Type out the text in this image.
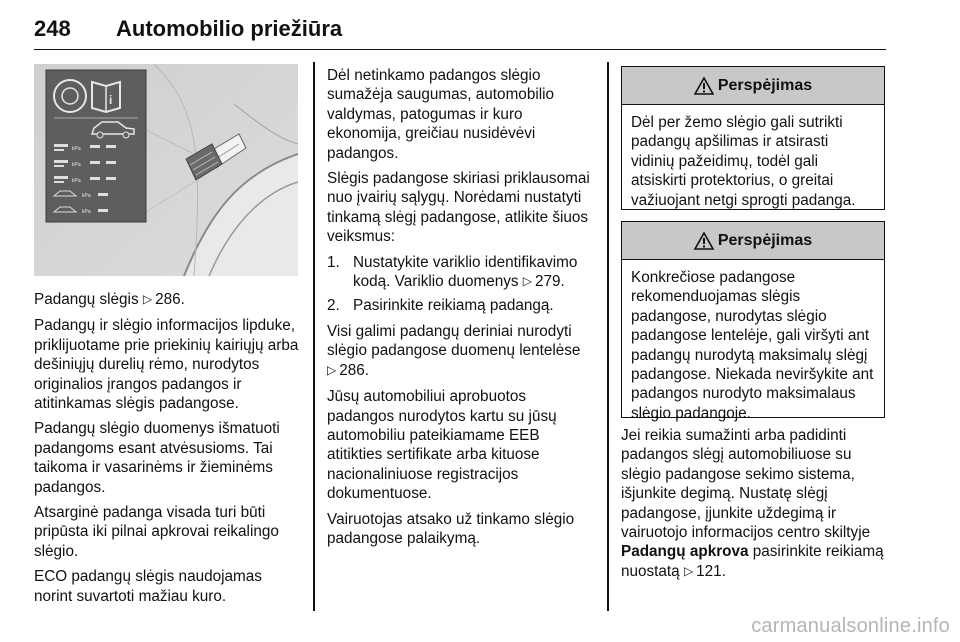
248 Automobilio priežiūra
i
kPa
kPa
kPa
kPa
kPa

Padangų slėgis ▷ 286.

Padangų ir slėgio informacijos lipduke, priklijuotame prie priekinių kairiųjų arba dešiniųjų durelių rėmo, nurodytos originalios įrangos padangos ir atitinkamas slėgis padangose.

Padangų slėgio duomenys išmatuoti padangoms esant atvėsusioms. Tai taikoma ir vasarinėms ir žieminėms padangos.

Atsarginė padanga visada turi būti pripūsta iki pilnai apkrovai reikalingo slėgio.

ECO padangų slėgis naudojamas norint suvartoti mažiau kuro.

Dėl netinkamo padangos slėgio sumažėja saugumas, automobilio valdymas, patogumas ir kuro ekonomija, greičiau nusidėvėvi padangos.

Slėgis padangose skiriasi priklausomai nuo įvairių sąlygų. Norėdami nustatyti tinkamą slėgį padangose, atlikite šiuos veiksmus:

1. Nustatykite variklio identifikavimo kodą. Variklio duomenys ▷ 279.
2. Pasirinkite reikiamą padangą.

Visi galimi padangų deriniai nurodyti slėgio padangose duomenų lentelėse ▷ 286.

Jūsų automobiliui aprobuotos padangos nurodytos kartu su jūsų automobiliu pateikiamame EEB atitikties sertifikate arba kituose nacionaliniuose registracijos dokumentuose.

Vairuotojas atsako už tinkamo slėgio padangose palaikymą.

Perspėjimas
Dėl per žemo slėgio gali sutrikti padangų apšilimas ir atsirasti vidinių pažeidimų, todėl gali atsiskirti protektorius, o greitai važiuojant netgi sprogti padanga.
Perspėjimas
Konkrečiose padangose rekomenduojamas slėgis padangose, nurodytas slėgio padangose lentelėje, gali viršyti ant padangų nurodytą maksimalų slėgį padangose. Niekada neviršykite ant padangos nurodyto maksimalaus slėgio padangoje.

Jei reikia sumažinti arba padidinti padangos slėgį automobiliuose su slėgio padangose sekimo sistema, išjunkite degimą. Nustatę slėgį padangose, įjunkite uždegimą ir vairuotojo informacijos centro skiltyje Padangų apkrova pasirinkite reikiamą nuostatą ▷ 121.

carmanualsonline.info
